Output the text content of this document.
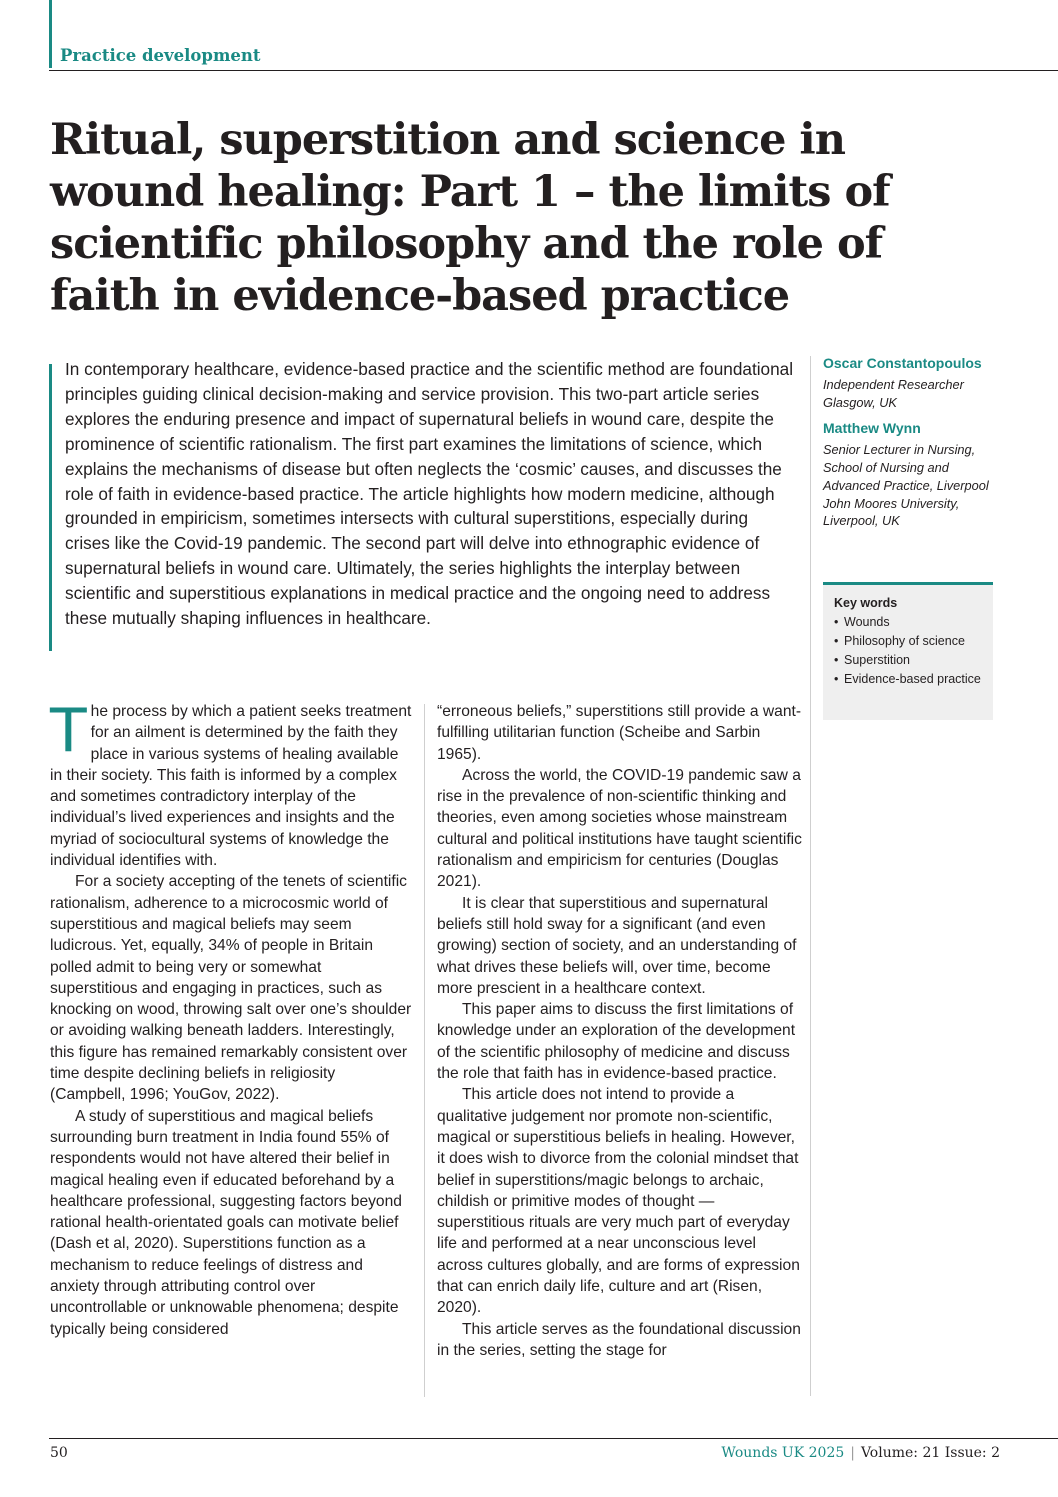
Practice development
Ritual, superstition and science in wound healing: Part 1 – the limits of scientific philosophy and the role of faith in evidence-based practice

In contemporary healthcare, evidence-based practice and the scientific method are foundational principles guiding clinical decision-making and service provision. This two-part article series explores the enduring presence and impact of supernatural beliefs in wound care, despite the prominence of scientific rationalism. The first part examines the limitations of science, which explains the mechanisms of disease but often neglects the ‘cosmic’ causes, and discusses the role of faith in evidence-based practice. The article highlights how modern medicine, although grounded in empiricism, sometimes intersects with cultural superstitions, especially during crises like the Covid-19 pandemic. The second part will delve into ethnographic evidence of supernatural beliefs in wound care. Ultimately, the series highlights the interplay between scientific and superstitious explanations in medical practice and the ongoing need to address these mutually shaping influences in healthcare.

Oscar Constantopoulos

Independent Researcher Glasgow, UK

Matthew Wynn

Senior Lecturer in Nursing, School of Nursing and Advanced Practice, Liverpool John Moores University, Liverpool, UK

Key words

• Wounds
• Philosophy of science
• Superstition
• Evidence-based practice
T he process by which a patient seeks treatment for an ailment is determined by the faith they place in various systems of healing available in their society. This faith is informed by a complex and sometimes contradictory interplay of the individual’s lived experiences and insights and the myriad of sociocultural systems of knowledge the individual identifies with.

For a society accepting of the tenets of scientific rationalism, adherence to a microcosmic world of superstitious and magical beliefs may seem ludicrous. Yet, equally, 34% of people in Britain polled admit to being very or somewhat superstitious and engaging in practices, such as knocking on wood, throwing salt over one’s shoulder or avoiding walking beneath ladders. Interestingly, this figure has remained remarkably consistent over time despite declining beliefs in religiosity (Campbell, 1996; YouGov, 2022).

A study of superstitious and magical beliefs surrounding burn treatment in India found 55% of respondents would not have altered their belief in magical healing even if educated beforehand by a healthcare professional, suggesting factors beyond rational health-orientated goals can motivate belief (Dash et al, 2020). Superstitions function as a mechanism to reduce feelings of distress and anxiety through attributing control over uncontrollable or unknowable phenomena; despite typically being considered

“erroneous beliefs,” superstitions still provide a want-fulfilling utilitarian function (Scheibe and Sarbin 1965).

Across the world, the COVID-19 pandemic saw a rise in the prevalence of non-scientific thinking and theories, even among societies whose mainstream cultural and political institutions have taught scientific rationalism and empiricism for centuries (Douglas 2021).

It is clear that superstitious and supernatural beliefs still hold sway for a significant (and even growing) section of society, and an understanding of what drives these beliefs will, over time, become more prescient in a healthcare context.

This paper aims to discuss the first limitations of knowledge under an exploration of the development of the scientific philosophy of medicine and discuss the role that faith has in evidence-based practice.

This article does not intend to provide a qualitative judgement nor promote non-scientific, magical or superstitious beliefs in healing. However, it does wish to divorce from the colonial mindset that belief in superstitions/magic belongs to archaic, childish or primitive modes of thought — superstitious rituals are very much part of everyday life and performed at a near unconscious level across cultures globally, and are forms of expression that can enrich daily life, culture and art (Risen, 2020).

This article serves as the foundational discussion in the series, setting the stage for

50	Wounds UK 2025 | Volume: 21 Issue: 2
